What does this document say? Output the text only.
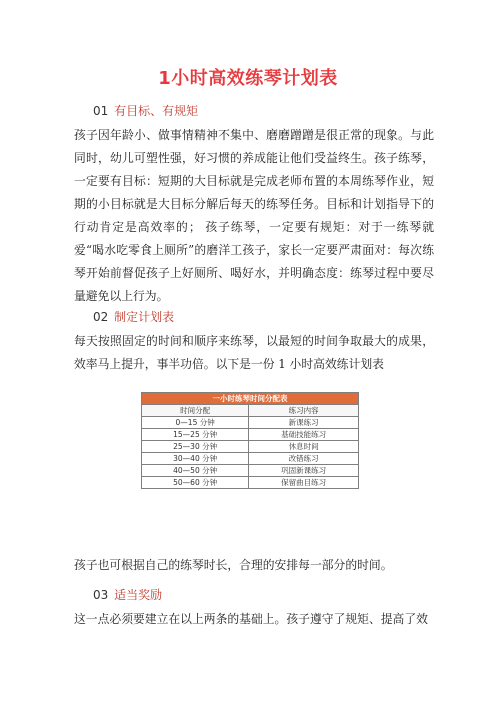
1小时高效练琴计划表
01 有目标、有规矩

孩子因年龄小、做事情精神不集中、磨磨蹭蹭是很正常的现象。与此同时，幼儿可塑性强，好习惯的养成能让他们受益终生。孩子练琴，一定要有目标：短期的大目标就是完成老师布置的本周练琴作业，短期的小目标就是大目标分解后每天的练琴任务。目标和计划指导下的行动肯定是高效率的； 孩子练琴，一定要有规矩：对于一练琴就爱“喝水吃零食上厕所”的磨洋工孩子，家长一定要严肃面对：每次练琴开始前督促孩子上好厕所、喝好水，并明确态度：练琴过程中要尽量避免以上行为。

02 制定计划表

每天按照固定的时间和顺序来练琴，以最短的时间争取最大的成果，效率马上提升，事半功倍。以下是一份 1 小时高效练计划表

一小时练琴时间分配表	
时间分配	练习内容
0—15 分钟	新课练习
15—25 分钟	基础技能练习
25—30 分钟	休息时间
30—40 分钟	改错练习
40—50 分钟	巩固新课练习
50—60 分钟	保留曲目练习

孩子也可根据自己的练琴时长，合理的安排每一部分的时间。

03 适当奖励

这一点必须要建立在以上两条的基础上。孩子遵守了规矩、提高了效
